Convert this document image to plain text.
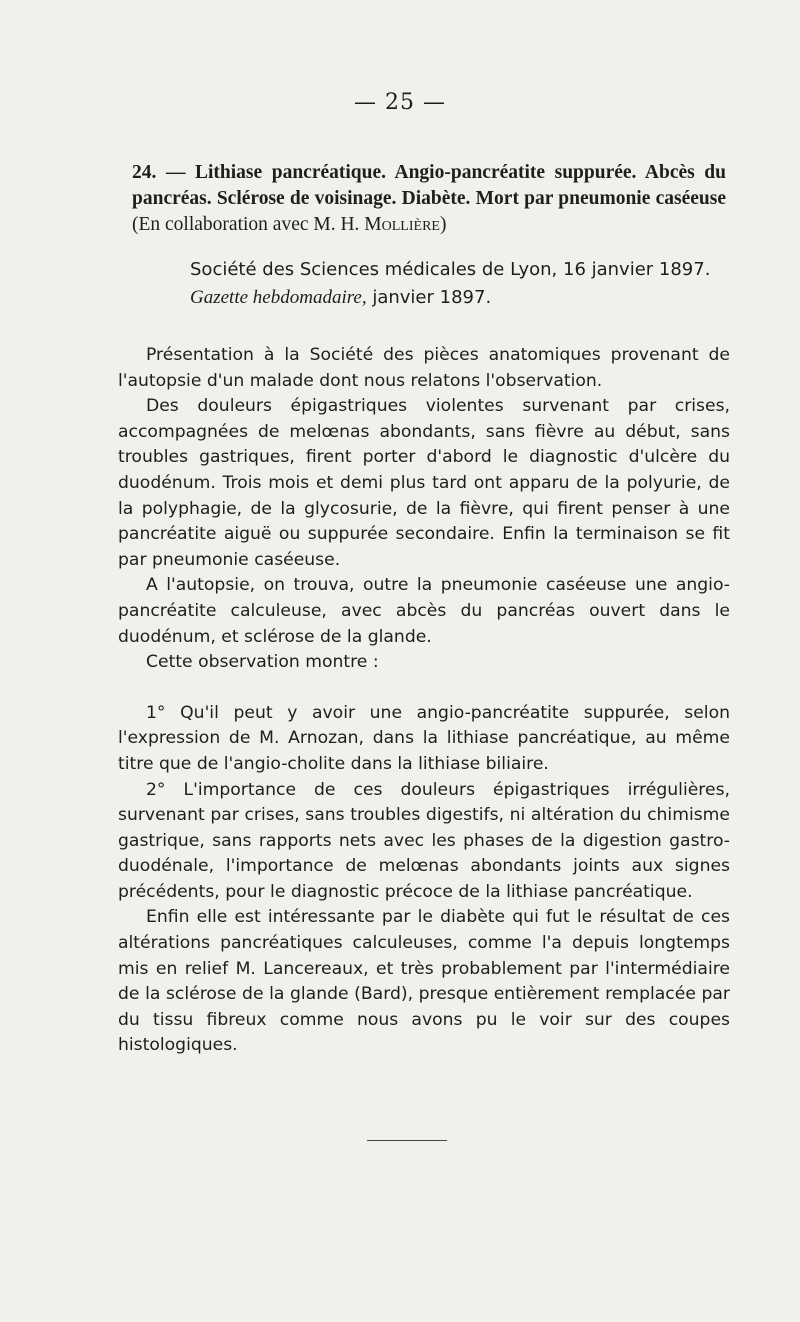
— 25 —
24. — Lithiase pancréatique. Angio-pancréatite suppurée. Abcès du pancréas. Sclérose de voisinage. Diabète. Mort par pneumonie caséeuse (En collaboration avec M. H. Mollière)
Société des Sciences médicales de Lyon, 16 janvier 1897.
Gazette hebdomadaire, janvier 1897.

Présentation à la Société des pièces anatomiques provenant de l'autopsie d'un malade dont nous relatons l'observation.

Des douleurs épigastriques violentes survenant par crises, accompagnées de melœnas abondants, sans fièvre au début, sans troubles gastriques, firent porter d'abord le diagnostic d'ulcère du duodénum. Trois mois et demi plus tard ont apparu de la polyurie, de la polyphagie, de la glycosurie, de la fièvre, qui firent penser à une pancréatite aiguë ou suppurée secondaire. Enfin la terminaison se fit par pneumonie caséeuse.

A l'autopsie, on trouva, outre la pneumonie caséeuse une angio-pancréatite calculeuse, avec abcès du pancréas ouvert dans le duodénum, et sclérose de la glande.

Cette observation montre :

1° Qu'il peut y avoir une angio-pancréatite suppurée, selon l'expression de M. Arnozan, dans la lithiase pancréatique, au même titre que de l'angio-cholite dans la lithiase biliaire.

2° L'importance de ces douleurs épigastriques irrégulières, survenant par crises, sans troubles digestifs, ni altération du chimisme gastrique, sans rapports nets avec les phases de la digestion gastro-duodénale, l'importance de melœnas abondants joints aux signes précédents, pour le diagnostic précoce de la lithiase pancréatique.

Enfin elle est intéressante par le diabète qui fut le résultat de ces altérations pancréatiques calculeuses, comme l'a depuis longtemps mis en relief M. Lancereaux, et très probablement par l'intermédiaire de la sclérose de la glande (Bard), presque entièrement remplacée par du tissu fibreux comme nous avons pu le voir sur des coupes histologiques.
